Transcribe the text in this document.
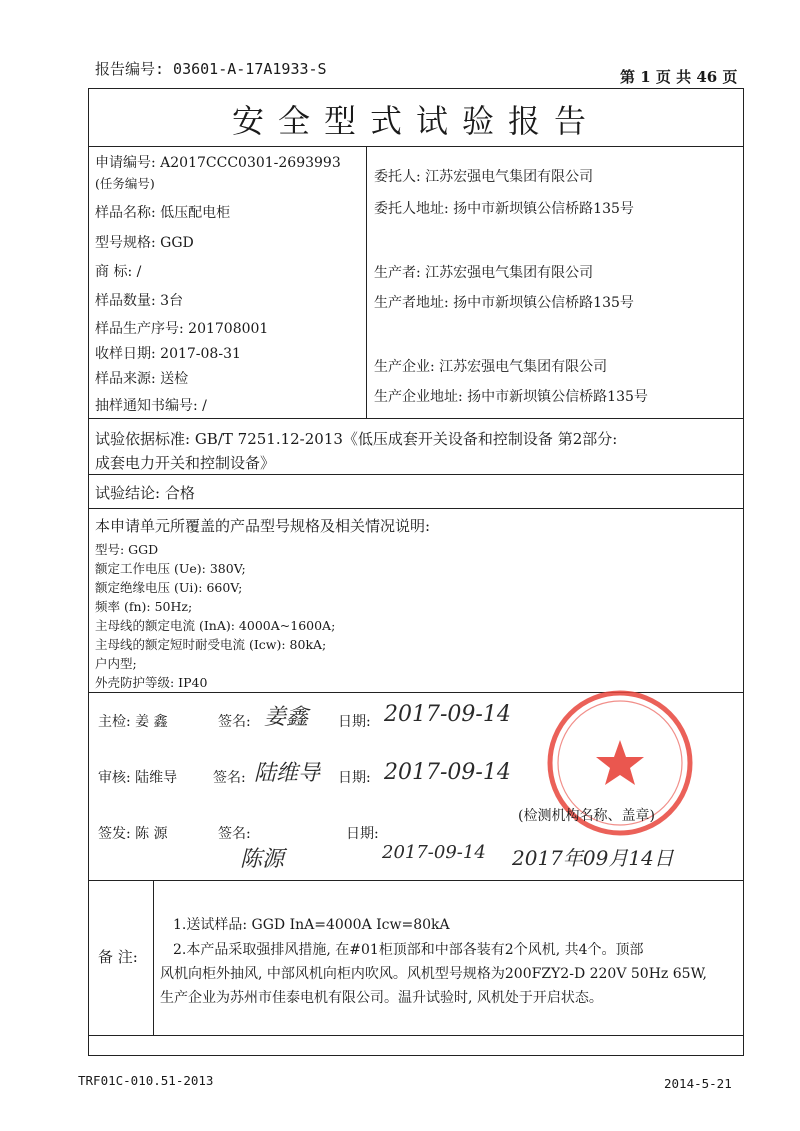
报告编号: 03601-A-17A1933-S	第 1 页 共 46 页
安全型式试验报告
申请编号: A2017CCC0301-2693993
(任务编号)
样品名称: 低压配电柜
型号规格: GGD
商 标: /
样品数量: 3台
样品生产序号: 201708001
收样日期: 2017-08-31
样品来源: 送检
抽样通知书编号: /
委托人: 江苏宏强电气集团有限公司
委托人地址: 扬中市新坝镇公信桥路135号
生产者: 江苏宏强电气集团有限公司
生产者地址: 扬中市新坝镇公信桥路135号
生产企业: 江苏宏强电气集团有限公司
生产企业地址: 扬中市新坝镇公信桥路135号
试验依据标准: GB/T 7251.12-2013《低压成套开关设备和控制设备 第2部分:
成套电力开关和控制设备》
试验结论: 合格
本申请单元所覆盖的产品型号规格及相关情况说明:
型号: GGD
额定工作电压 (Ue): 380V;
额定绝缘电压 (Ui): 660V;
频率 (fn): 50Hz;
主母线的额定电流 (InA): 4000A~1600A;
主母线的额定短时耐受电流 (Icw): 80kA;
户内型;
外壳防护等级: IP40
主检: 姜 鑫	签名: 姜鑫 日期: 2017-09-14
审核: 陆维导	签名: 陆维导 日期: 2017-09-14
签发: 陈 源	签名:	日期:
陈源	2017-09-14
(检测机构名称、盖章)
2017年09月14日
备 注:
1.送试样品: GGD InA=4000A Icw=80kA
2.本产品采取强排风措施, 在#01柜顶部和中部各装有2个风机, 共4个。顶部
风机向柜外抽风, 中部风机向柜内吹风。风机型号规格为200FZY2-D 220V 50Hz 65W,
生产企业为苏州市佳泰电机有限公司。温升试验时, 风机处于开启状态。
TRF01C-010.51-2013	2014-5-21
